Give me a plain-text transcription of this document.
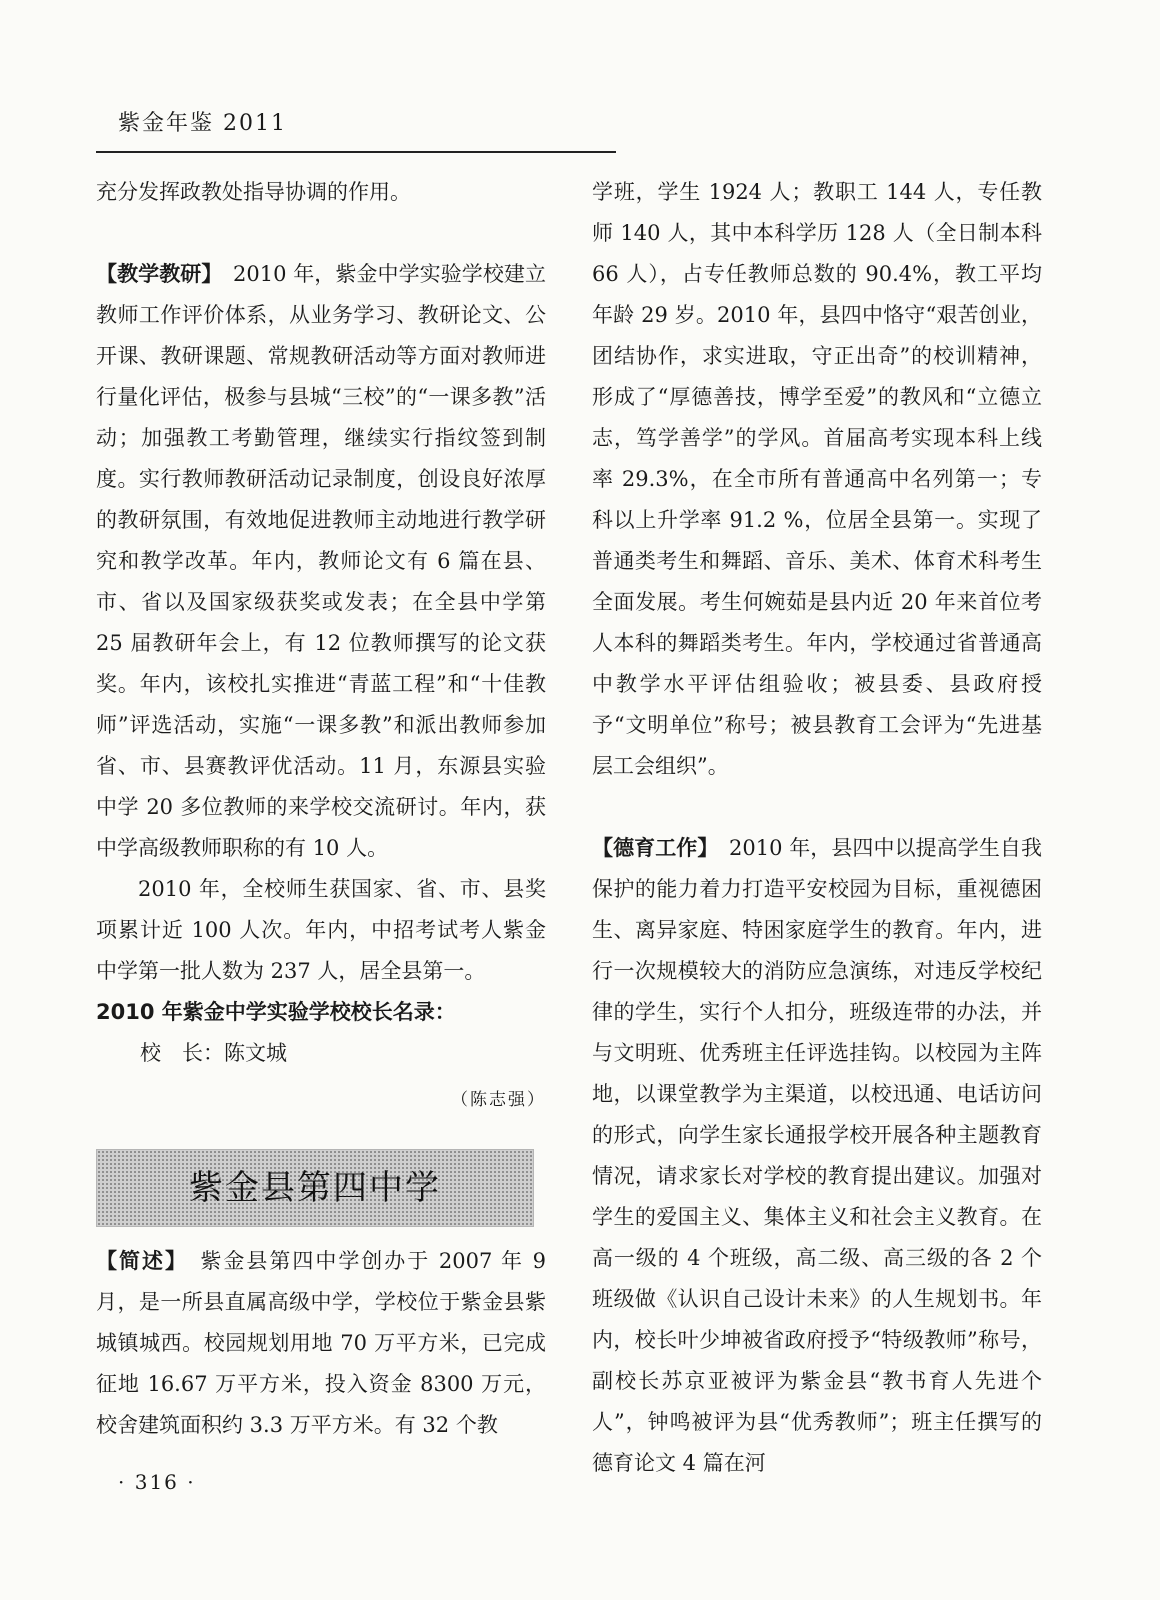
紫金年鉴 2011

充分发挥政教处指导协调的作用。

【教学教研】　 2010 年，紫金中学实验学校建立教师工作评价体系，从业务学习、教研论文、公开课、教研课题、常规教研活动等方面对教师进行量化评估，极参与县城“三校”的“一课多教”活动；加强教工考勤管理，继续实行指纹签到制度。实行教师教研活动记录制度，创设良好浓厚的教研氛围，有效地促进教师主动地进行教学研究和教学改革。年内，教师论文有 6 篇在县、市、省以及国家级获奖或发表；在全县中学第 25 届教研年会上，有 12 位教师撰写的论文获奖。年内，该校扎实推进“青蓝工程”和“十佳教师”评选活动，实施“一课多教”和派出教师参加省、市、县赛教评优活动。11 月，东源县实验中学 20 多位教师的来学校交流研讨。年内，获中学高级教师职称的有 10 人。

2010 年，全校师生获国家、省、市、县奖项累计近 100 人次。年内，中招考试考人紫金中学第一批人数为 237 人，居全县第一。

2010 年紫金中学实验学校校长名录：

校　长：陈文城

（陈志强）
紫金县第四中学

【简述】　 紫金县第四中学创办于 2007 年 9 月，是一所县直属高级中学，学校位于紫金县紫城镇城西。校园规划用地 70 万平方米，已完成征地 16.67 万平方米，投入资金 8300 万元，校舍建筑面积约 3.3 万平方米。有 32 个教

学班，学生 1924 人；教职工 144 人，专任教师 140 人，其中本科学历 128 人（全日制本科 66 人），占专任教师总数的 90.4%，教工平均年龄 29 岁。2010 年，县四中恪守“艰苦创业，团结协作，求实进取，守正出奇”的校训精神，形成了“厚德善技，博学至爱”的教风和“立德立志，笃学善学”的学风。首届高考实现本科上线率 29.3%，在全市所有普通高中名列第一；专科以上升学率 91.2 %，位居全县第一。实现了普通类考生和舞蹈、音乐、美术、体育术科考生全面发展。考生何婉茹是县内近 20 年来首位考人本科的舞蹈类考生。年内，学校通过省普通高中教学水平评估组验收；被县委、县政府授予“文明单位”称号；被县教育工会评为“先进基层工会组织”。

【德育工作】　 2010 年，县四中以提高学生自我保护的能力着力打造平安校园为目标，重视德困生、离异家庭、特困家庭学生的教育。年内，进行一次规模较大的消防应急演练，对违反学校纪律的学生，实行个人扣分，班级连带的办法，并与文明班、优秀班主任评选挂钩。以校园为主阵地，以课堂教学为主渠道，以校迅通、电话访问的形式，向学生家长通报学校开展各种主题教育情况，请求家长对学校的教育提出建议。加强对学生的爱国主义、集体主义和社会主义教育。在高一级的 4 个班级，高二级、高三级的各 2 个班级做《认识自己设计未来》的人生规划书。年内，校长叶少坤被省政府授予“特级教师”称号，副校长苏京亚被评为紫金县“教书育人先进个人”，钟鸣被评为县“优秀教师”；班主任撰写的德育论文 4 篇在河

· 316 ·
